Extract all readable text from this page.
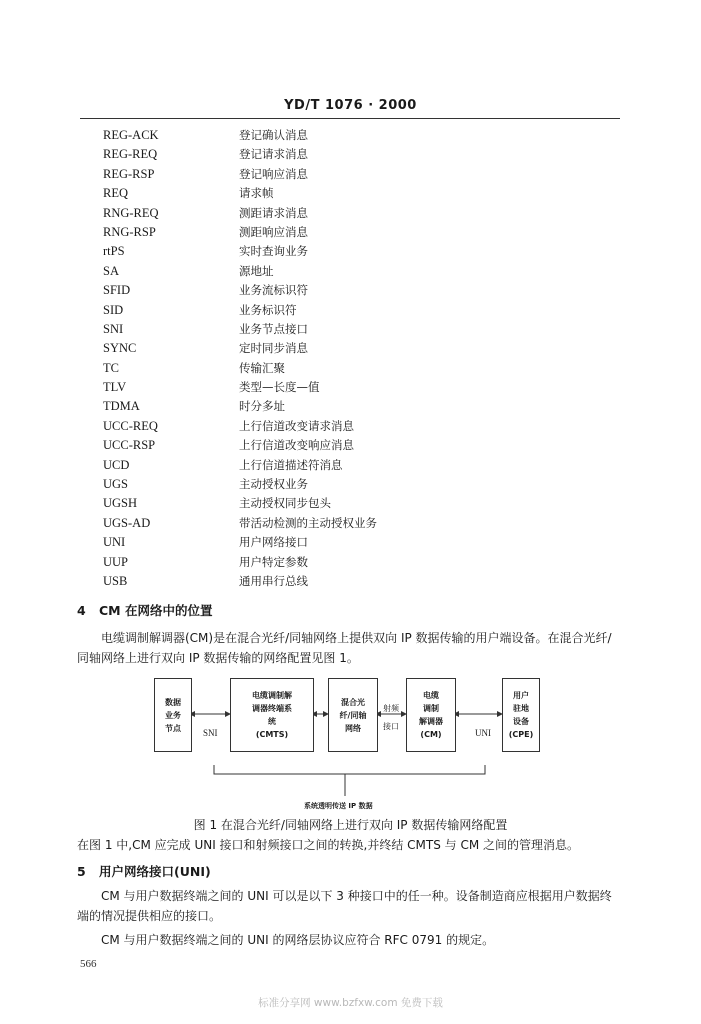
YD/T 1076 · 2000
REG-ACK	登记确认消息
REG-REQ	登记请求消息
REG-RSP	登记响应消息
REQ	请求帧
RNG-REQ	测距请求消息
RNG-RSP	测距响应消息
rtPS	实时查询业务
SA	源地址
SFID	业务流标识符
SID	业务标识符
SNI	业务节点接口
SYNC	定时同步消息
TC	传输汇聚
TLV	类型—长度—值
TDMA	时分多址
UCC-REQ	上行信道改变请求消息
UCC-RSP	上行信道改变响应消息
UCD	上行信道描述符消息
UGS	主动授权业务
UGSH	主动授权同步包头
UGS-AD	带活动检测的主动授权业务
UNI	用户网络接口
UUP	用户特定参数
USB	通用串行总线
4 CM 在网络中的位置
电缆调制解调器(CM)是在混合光纤/同轴网络上提供双向 IP 数据传输的用户端设备。在混合光纤/同轴网络上进行双向 IP 数据传输的网络配置见图 1。
数据
业务
节点
电缆调制解
调器终端系
统
(CMTS)
混合光
纤/同轴
网络
电缆
调制
解调器
(CM)
用户
驻地
设备
(CPE)
SNI
射频
接口
UNI
系统透明传送 IP 数据
图 1 在混合光纤/同轴网络上进行双向 IP 数据传输网络配置
在图 1 中,CM 应完成 UNI 接口和射频接口之间的转换,并终结 CMTS 与 CM 之间的管理消息。
5 用户网络接口(UNI)
CM 与用户数据终端之间的 UNI 可以是以下 3 种接口中的任一种。设备制造商应根据用户数据终端的情况提供相应的接口。
CM 与用户数据终端之间的 UNI 的网络层协议应符合 RFC 0791 的规定。
566
标准分享网 www.bzfxw.com 免费下载
